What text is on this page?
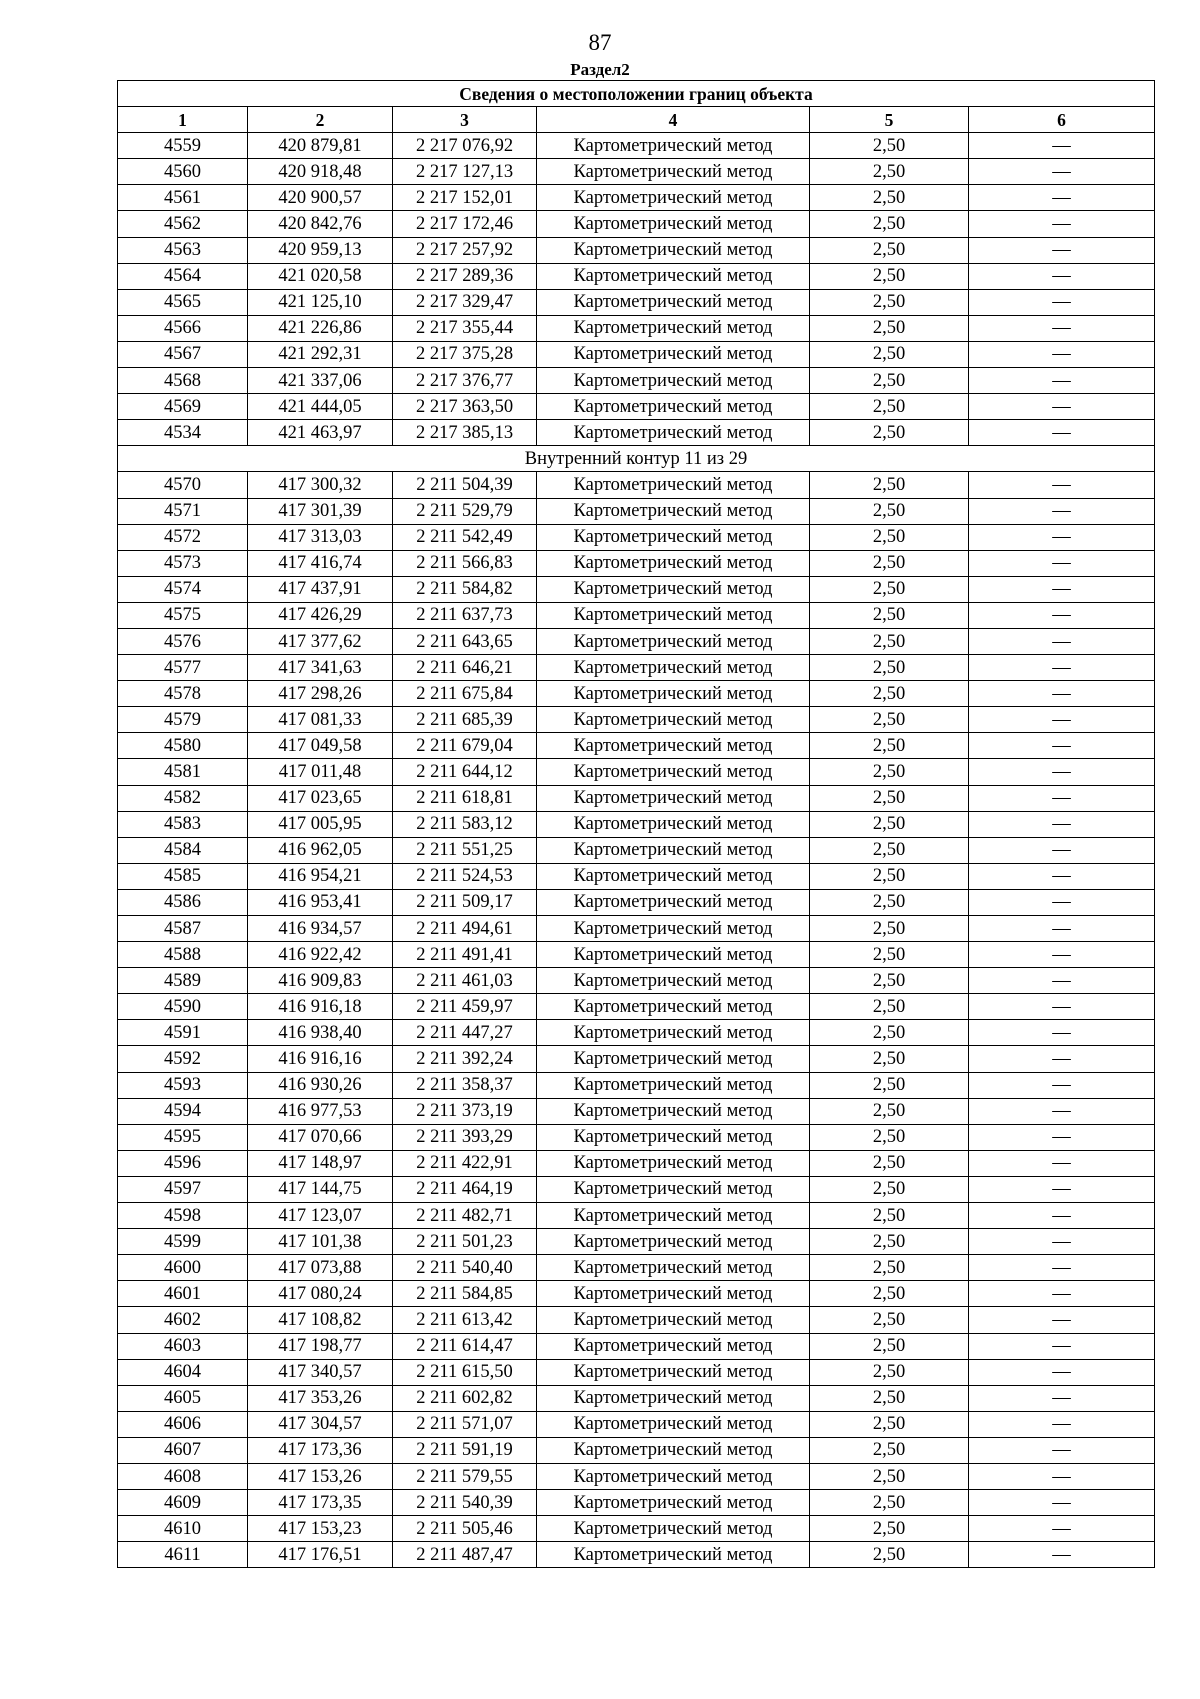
87
Раздел2
Сведения о местоположении границ объекта					
1	2	3	4	5	6
4559	420 879,81	2 217 076,92	Картометрический метод	2,50	—
4560	420 918,48	2 217 127,13	Картометрический метод	2,50	—
4561	420 900,57	2 217 152,01	Картометрический метод	2,50	—
4562	420 842,76	2 217 172,46	Картометрический метод	2,50	—
4563	420 959,13	2 217 257,92	Картометрический метод	2,50	—
4564	421 020,58	2 217 289,36	Картометрический метод	2,50	—
4565	421 125,10	2 217 329,47	Картометрический метод	2,50	—
4566	421 226,86	2 217 355,44	Картометрический метод	2,50	—
4567	421 292,31	2 217 375,28	Картометрический метод	2,50	—
4568	421 337,06	2 217 376,77	Картометрический метод	2,50	—
4569	421 444,05	2 217 363,50	Картометрический метод	2,50	—
4534	421 463,97	2 217 385,13	Картометрический метод	2,50	—
Внутренний контур 11 из 29					
4570	417 300,32	2 211 504,39	Картометрический метод	2,50	—
4571	417 301,39	2 211 529,79	Картометрический метод	2,50	—
4572	417 313,03	2 211 542,49	Картометрический метод	2,50	—
4573	417 416,74	2 211 566,83	Картометрический метод	2,50	—
4574	417 437,91	2 211 584,82	Картометрический метод	2,50	—
4575	417 426,29	2 211 637,73	Картометрический метод	2,50	—
4576	417 377,62	2 211 643,65	Картометрический метод	2,50	—
4577	417 341,63	2 211 646,21	Картометрический метод	2,50	—
4578	417 298,26	2 211 675,84	Картометрический метод	2,50	—
4579	417 081,33	2 211 685,39	Картометрический метод	2,50	—
4580	417 049,58	2 211 679,04	Картометрический метод	2,50	—
4581	417 011,48	2 211 644,12	Картометрический метод	2,50	—
4582	417 023,65	2 211 618,81	Картометрический метод	2,50	—
4583	417 005,95	2 211 583,12	Картометрический метод	2,50	—
4584	416 962,05	2 211 551,25	Картометрический метод	2,50	—
4585	416 954,21	2 211 524,53	Картометрический метод	2,50	—
4586	416 953,41	2 211 509,17	Картометрический метод	2,50	—
4587	416 934,57	2 211 494,61	Картометрический метод	2,50	—
4588	416 922,42	2 211 491,41	Картометрический метод	2,50	—
4589	416 909,83	2 211 461,03	Картометрический метод	2,50	—
4590	416 916,18	2 211 459,97	Картометрический метод	2,50	—
4591	416 938,40	2 211 447,27	Картометрический метод	2,50	—
4592	416 916,16	2 211 392,24	Картометрический метод	2,50	—
4593	416 930,26	2 211 358,37	Картометрический метод	2,50	—
4594	416 977,53	2 211 373,19	Картометрический метод	2,50	—
4595	417 070,66	2 211 393,29	Картометрический метод	2,50	—
4596	417 148,97	2 211 422,91	Картометрический метод	2,50	—
4597	417 144,75	2 211 464,19	Картометрический метод	2,50	—
4598	417 123,07	2 211 482,71	Картометрический метод	2,50	—
4599	417 101,38	2 211 501,23	Картометрический метод	2,50	—
4600	417 073,88	2 211 540,40	Картометрический метод	2,50	—
4601	417 080,24	2 211 584,85	Картометрический метод	2,50	—
4602	417 108,82	2 211 613,42	Картометрический метод	2,50	—
4603	417 198,77	2 211 614,47	Картометрический метод	2,50	—
4604	417 340,57	2 211 615,50	Картометрический метод	2,50	—
4605	417 353,26	2 211 602,82	Картометрический метод	2,50	—
4606	417 304,57	2 211 571,07	Картометрический метод	2,50	—
4607	417 173,36	2 211 591,19	Картометрический метод	2,50	—
4608	417 153,26	2 211 579,55	Картометрический метод	2,50	—
4609	417 173,35	2 211 540,39	Картометрический метод	2,50	—
4610	417 153,23	2 211 505,46	Картометрический метод	2,50	—
4611	417 176,51	2 211 487,47	Картометрический метод	2,50	—
